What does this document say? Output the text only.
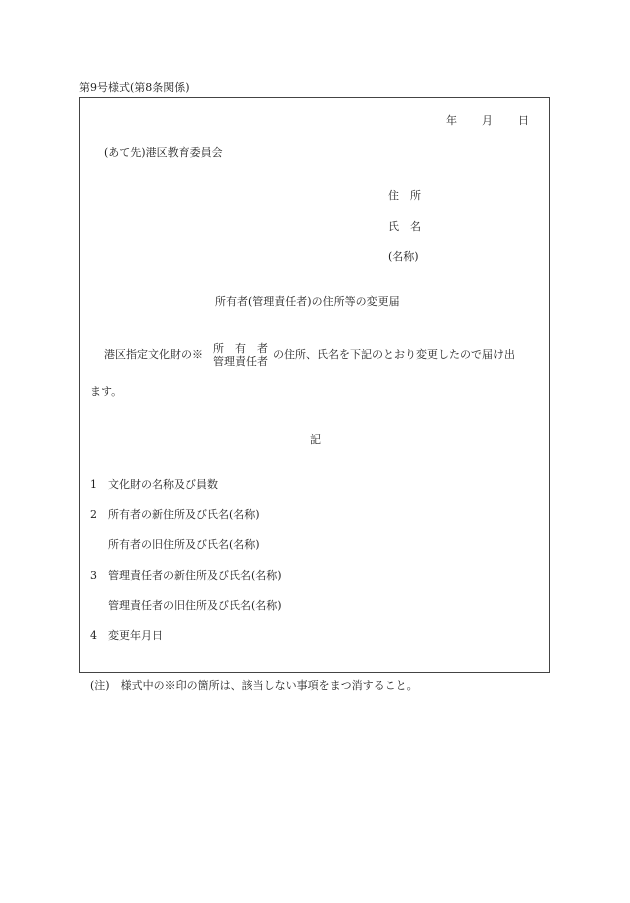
第9号様式(第8条関係)
年 月 日
(あて先)港区教育委員会
住　所
氏　名
(名称)
所有者(管理責任者)の住所等の変更届
港区指定文化財の※ 所　有　者
管理責任者
の住所、氏名を下記のとおり変更したので届け出
ます。
記
1　文化財の名称及び員数
2　所有者の新住所及び氏名(名称)
所有者の旧住所及び氏名(名称)
3　管理責任者の新住所及び氏名(名称)
管理責任者の旧住所及び氏名(名称)
4　変更年月日
(注)　様式中の※印の箇所は、該当しない事項をまつ消すること。
